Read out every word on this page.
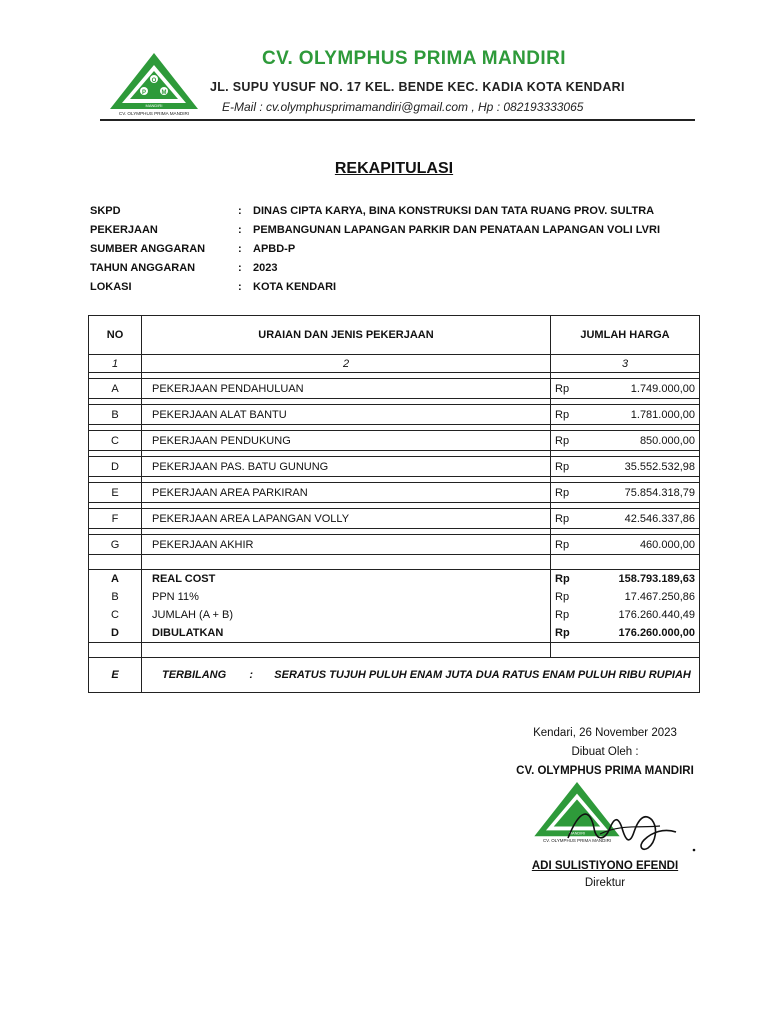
O
P	M
MANDIRI
CV. OLYMPHUS PRIMA MANDIRI
CV. OLYMPHUS PRIMA MANDIRI
JL. SUPU YUSUF NO. 17 KEL. BENDE KEC. KADIA KOTA KENDARI
E-Mail : cv.olymphusprimamandiri@gmail.com , Hp : 082193333065
REKAPITULASI
SKPD	: DINAS CIPTA KARYA, BINA KONSTRUKSI DAN TATA RUANG PROV. SULTRA
PEKERJAAN	: PEMBANGUNAN LAPANGAN PARKIR DAN PENATAAN LAPANGAN VOLI LVRI
SUMBER ANGGARAN	: APBD-P
TAHUN ANGGARAN	: 2023
LOKASI	: KOTA KENDARI
NO	URAIAN DAN JENIS PEKERJAAN	JUMLAH HARGA
1	2	3

A	PEKERJAAN PENDAHULUAN	Rp 1.749.000,00

B	PEKERJAAN ALAT BANTU	Rp 1.781.000,00

C	PEKERJAAN PENDUKUNG	Rp 850.000,00

D	PEKERJAAN PAS. BATU GUNUNG	Rp 35.552.532,98

E	PEKERJAAN AREA PARKIRAN	Rp 75.854.318,79

F	PEKERJAAN AREA LAPANGAN VOLLY	Rp 42.546.337,86

G	PEKERJAAN AKHIR	Rp 460.000,00

A	REAL COST	Rp 158.793.189,63

B	PPN 11%	Rp 17.467.250,86

C	JUMLAH (A + B)	Rp 176.260.440,49

D	DIBULATKAN	Rp 176.260.000,00

E	TERBILANG : SERATUS TUJUH PULUH ENAM JUTA DUA RATUS ENAM PULUH RIBU RUPIAH	
Kendari, 26 November 2023
Dibuat Oleh :
CV. OLYMPHUS PRIMA MANDIRI
MANDIRI
CV. OLYMPHUS PRIMA MANDIRI
ADI SULISTIYONO EFENDI
Direktur
